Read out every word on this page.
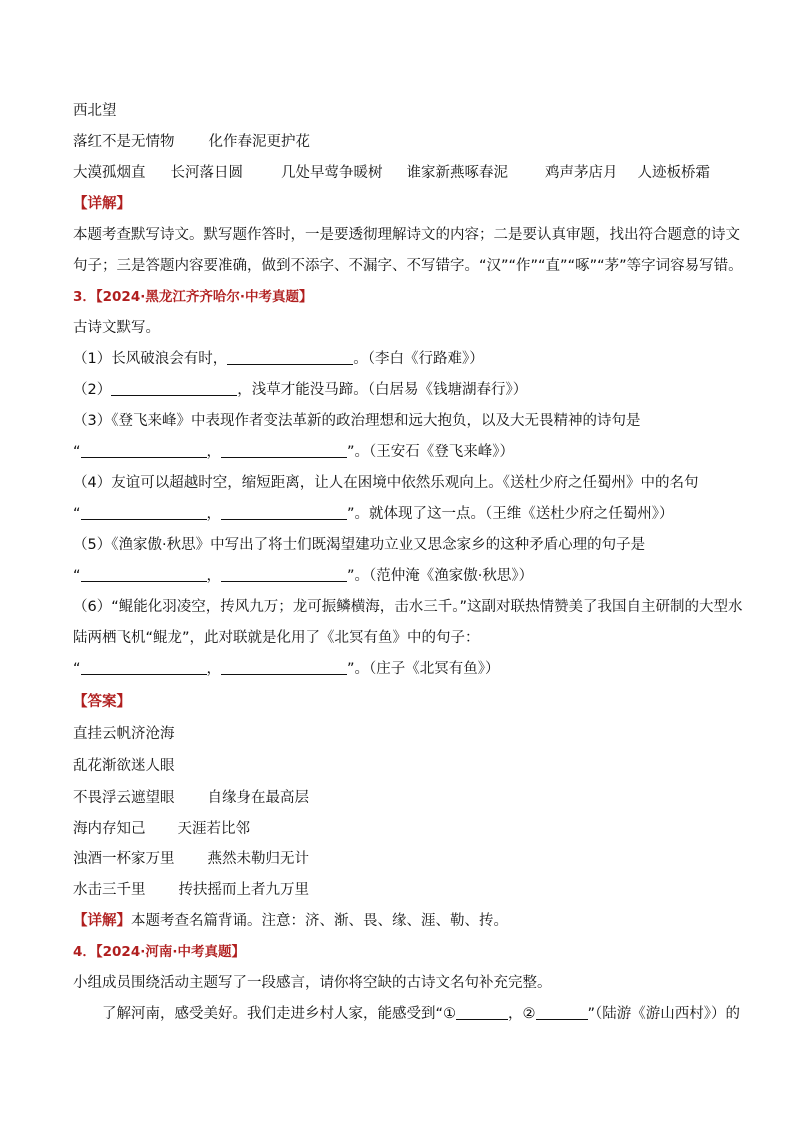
西北望
落红不是无情物 化作春泥更护花
大漠孤烟直 长河落日圆	几处早莺争暖树 谁家新燕啄春泥	鸡声茅店月 人迹板桥霜
【详解】
本题考查默写诗文。默写题作答时，一是要透彻理解诗文的内容；二是要认真审题，找出符合题意的诗文
句子；三是答题内容要准确，做到不添字、不漏字、不写错字。“汉”“作”“直”“啄”“茅”等字词容易写错。
3．【2024·黑龙江齐齐哈尔·中考真题】
古诗文默写。
（1）长风破浪会有时，	。（李白《行路难》）
（2）	，浅草才能没马蹄。（白居易《钱塘湖春行》）
（3）《登飞来峰》中表现作者变法革新的政治理想和远大抱负，以及大无畏精神的诗句是
“	，	”。（王安石《登飞来峰》）
（4）友谊可以超越时空，缩短距离，让人在困境中依然乐观向上。《送杜少府之任蜀州》中的名句
“	，	”。就体现了这一点。（王维《送杜少府之任蜀州》）
（5）《渔家傲·秋思》中写出了将士们既渴望建功立业又思念家乡的这种矛盾心理的句子是
“	，	”。（范仲淹《渔家傲·秋思》）
（6）“鲲能化羽凌空，抟风九万；龙可振鳞横海，击水三千。”这副对联热情赞美了我国自主研制的大型水
陆两栖飞机“鲲龙”，此对联就是化用了《北冥有鱼》中的句子：
“	，	”。（庄子《北冥有鱼》）
【答案】
直挂云帆济沧海
乱花渐欲迷人眼
不畏浮云遮望眼 自缘身在最高层
海内存知己 天涯若比邻
浊酒一杯家万里 燕然未勒归无计
水击三千里 抟扶摇而上者九万里
【详解】本题考查名篇背诵。注意：济、渐、畏、缘、涯、勒、抟。
4．【2024·河南·中考真题】
小组成员围绕活动主题写了一段感言，请你将空缺的古诗文名句补充完整。
了解河南，感受美好。我们走进乡村人家，能感受到“①	，②	”（陆游《游山西村》）的
